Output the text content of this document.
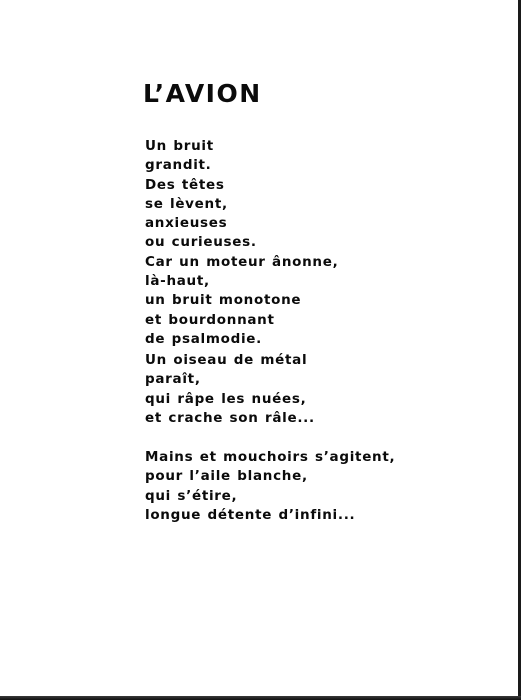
L’AVION
Un bruit
grandit.
Des têtes
se lèvent,
anxieuses
ou curieuses.
Car un moteur ânonne,
là-haut,
un bruit monotone
et bourdonnant
de psalmodie.
Un oiseau de métal
paraît,
qui râpe les nuées,
et crache son râle...
Mains et mouchoirs s’agitent,
pour l’aile blanche,
qui s’étire,
longue détente d’infini...
